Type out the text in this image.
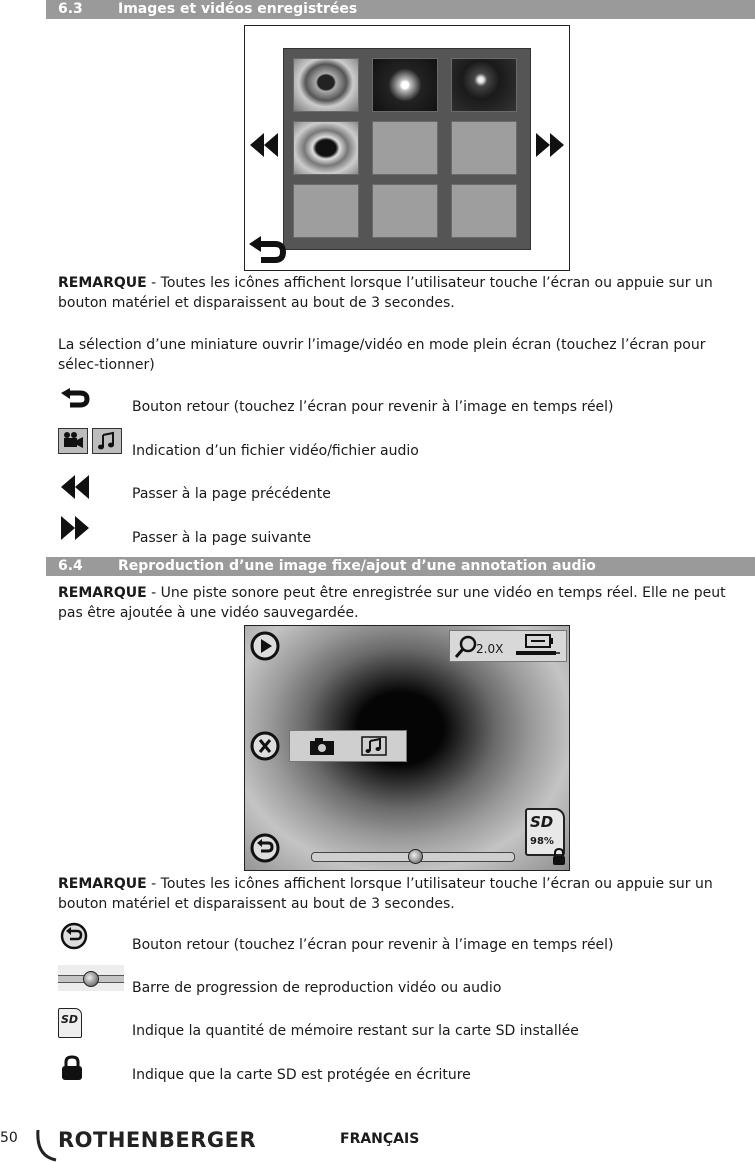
6.3	Images et vidéos enregistrées
REMARQUE - Toutes les icônes affichent lorsque l’utilisateur touche l’écran ou appuie sur un bouton matériel et disparaissent au bout de 3 secondes.
La sélection d’une miniature ouvrir l’image/vidéo en mode plein écran (touchez l’écran pour sélec-tionner)
Bouton retour (touchez l’écran pour revenir à l’image en temps réel)
Indication d’un fichier vidéo/fichier audio
Passer à la page précédente
Passer à la page suivante
6.4	Reproduction d’une image fixe/ajout d’une annotation audio
REMARQUE - Une piste sonore peut être enregistrée sur une vidéo en temps réel. Elle ne peut pas être ajoutée à une vidéo sauvegardée.
2.0X
SD
98%
REMARQUE - Toutes les icônes affichent lorsque l’utilisateur touche l’écran ou appuie sur un bouton matériel et disparaissent au bout de 3 secondes.
Bouton retour (touchez l’écran pour revenir à l’image en temps réel)
Barre de progression de reproduction vidéo ou audio
SD
Indique la quantité de mémoire restant sur la carte SD installée
Indique que la carte SD est protégée en écriture
50 ROTHENBERGER	FRANÇAIS
